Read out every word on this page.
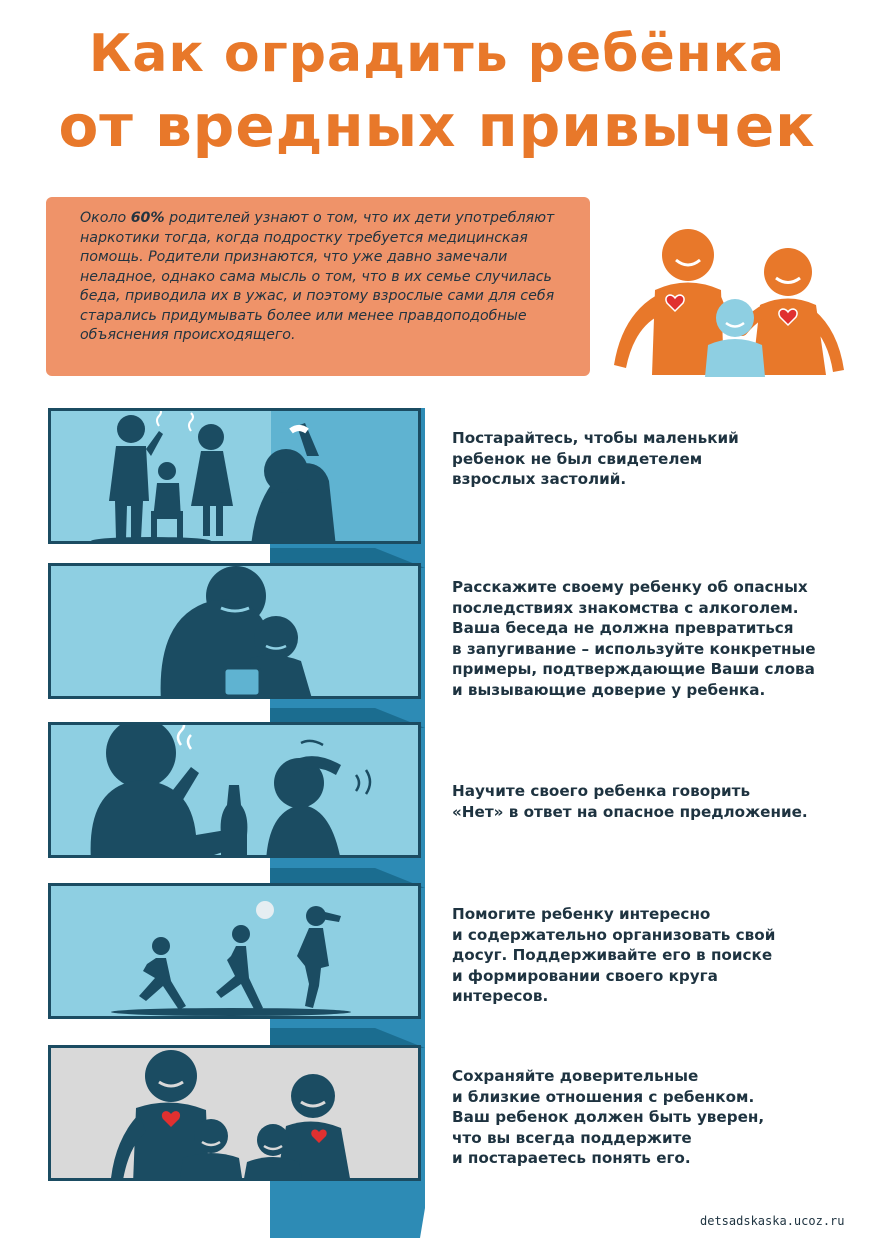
Как оградить ребёнка
от вредных привычек

Около 60% родителей узнают о том, что их дети употребляют наркотики тогда, когда подростку требуется медицинская помощь. Родители признаются, что уже давно замечали неладное, однако сама мысль о том, что в их семье случилась беда, приводила их в ужас, и поэтому взрослые сами для себя старались придумывать более или менее правдоподобные объяснения происходящего.

Постарайтесь, чтобы маленький
ребенок не был свидетелем
взрослых застолий.
Расскажите своему ребенку об опасных
последствиях знакомства с алкоголем.
Ваша беседа не должна превратиться
в запугивание – используйте конкретные
примеры, подтверждающие Ваши слова
и вызывающие доверие у ребенка.
Научите своего ребенка говорить
«Нет» в ответ на опасное предложение.
Помогите ребенку интересно
и содержательно организовать свой
досуг. Поддерживайте его в поиске
и формировании своего круга
интересов.
Сохраняйте доверительные
и близкие отношения с ребенком.
Ваш ребенок должен быть уверен,
что вы всегда поддержите
и постараетесь понять его.
detsadskaska.ucoz.ru
